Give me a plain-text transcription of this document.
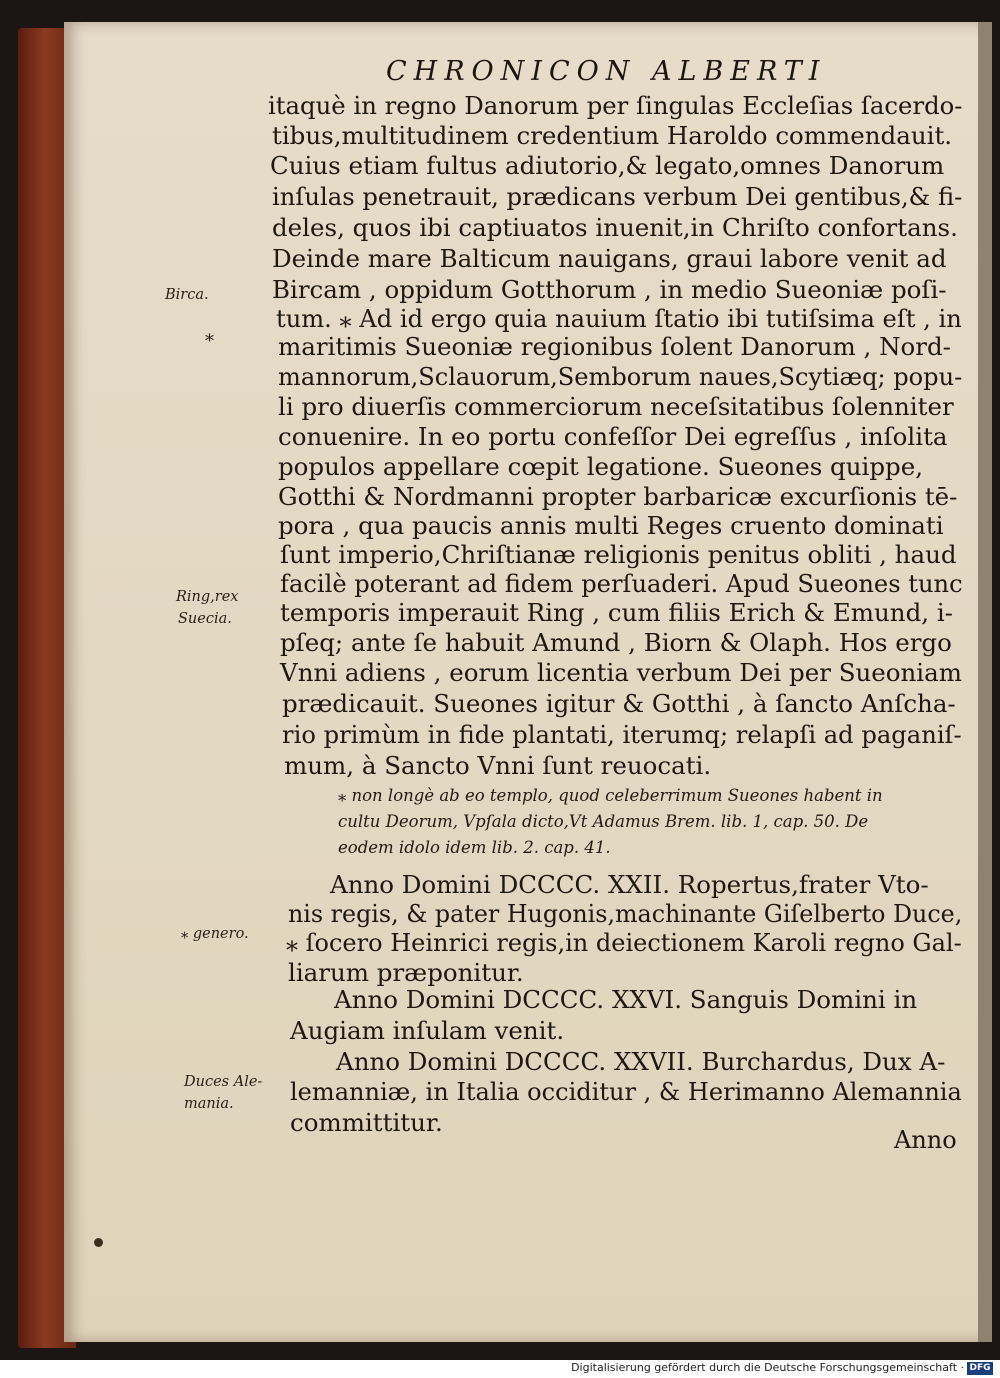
CHRONICON ALBERTI
itaquè in regno Danorum per ſingulas Eccleſias ſacerdo-
tibus,multitudinem credentium Haroldo commendauit.
Cuius etiam fultus adiutorio,& legato,omnes Danorum
inſulas penetrauit, prædicans verbum Dei gentibus,& fi-
deles, quos ibi captiuatos inuenit,in Chriſto confortans.
Deinde mare Balticum nauigans, graui labore venit ad
Bircam , oppidum Gotthorum , in medio Sueoniæ poſi-
tum. ⁎ Ad id ergo quia nauium ſtatio ibi tutiſsima eſt , in
maritimis Sueoniæ regionibus ſolent Danorum , Nord-
mannorum,Sclauorum,Semborum naues,Scytiæq; popu-
li pro diuerſis commerciorum neceſsitatibus ſolenniter
conuenire. In eo portu confeſſor Dei egreſſus , inſolita
populos appellare cœpit legatione. Sueones quippe,
Gotthi & Nordmanni propter barbaricæ excurſionis tē-
pora , qua paucis annis multi Reges cruento dominati
ſunt imperio,Chriſtianæ religionis penitus obliti , haud
facilè poterant ad fidem perſuaderi. Apud Sueones tunc
temporis imperauit Ring , cum filiis Erich & Emund, i-
pſeq; ante ſe habuit Amund , Biorn & Olaph. Hos ergo
Vnni adiens , eorum licentia verbum Dei per Sueoniam
prædicauit. Sueones igitur & Gotthi , à ſancto Anſcha-
rio primùm in fide plantati, iterumq; relapſi ad paganiſ-
mum, à Sancto Vnni ſunt reuocati.
⁎ non longè ab eo templo, quod celeberrimum Sueones habent in
cultu Deorum, Vpſala dicto,Vt Adamus Brem. lib. 1, cap. 50. De
eodem idolo idem lib. 2. cap. 41.
Anno Domini DCCCC. XXII. Ropertus,frater Vto-
nis regis, & pater Hugonis,machinante Giſelberto Duce,
⁎ ſocero Heinrici regis,in deiectionem Karoli regno Gal-
liarum præponitur.
Anno Domini DCCCC. XXVI. Sanguis Domini in
Augiam inſulam venit.
Anno Domini DCCCC. XXVII. Burchardus, Dux A-
lemanniæ, in Italia occiditur , & Herimanno Alemannia
committitur.
Anno
Birca.
⁎
Ring,rex
Suecia.
⁎ genero.
Duces Ale-
mania.
Digitalisierung gefördert durch die Deutsche Forschungsgemeinschaft · DFG
